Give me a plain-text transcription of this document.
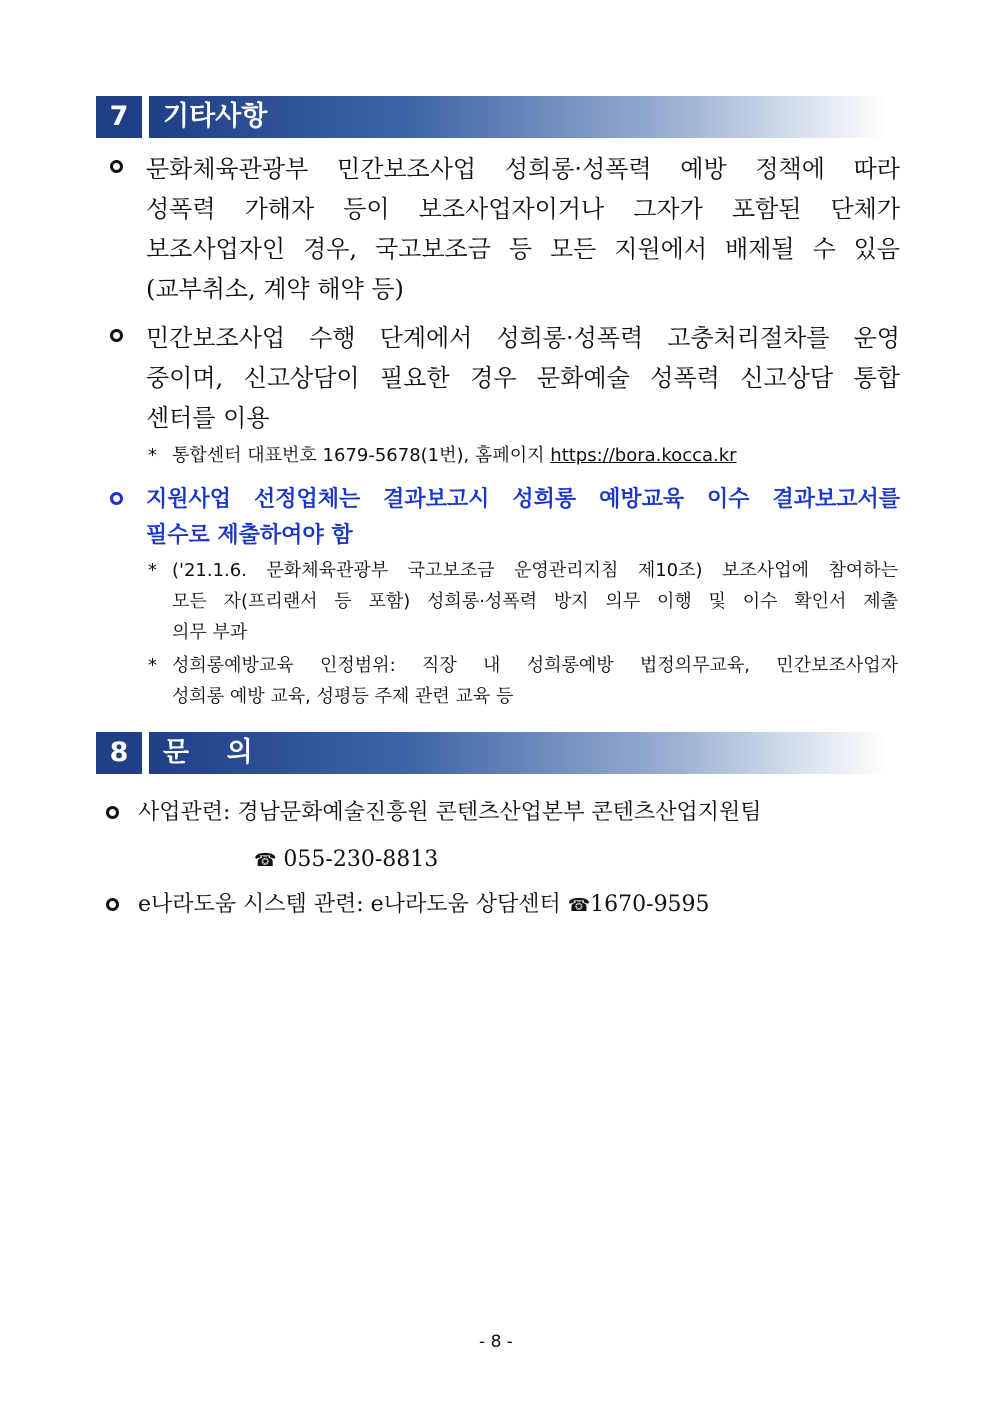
7	기타사항
문화체육관광부 민간보조사업 성희롱·성폭력 예방 정책에 따라
성폭력 가해자 등이 보조사업자이거나 그자가 포함된 단체가
보조사업자인 경우, 국고보조금 등 모든 지원에서 배제될 수 있음
(교부취소, 계약 해약 등)
민간보조사업 수행 단계에서 성희롱·성폭력 고충처리절차를 운영
중이며, 신고상담이 필요한 경우 문화예술 성폭력 신고상담 통합
센터를 이용
* 통합센터 대표번호 1679-5678(1번), 홈페이지 https://bora.kocca.kr
지원사업 선정업체는 결과보고시 성희롱 예방교육 이수 결과보고서를
필수로 제출하여야 함
* ('21.1.6. 문화체육관광부 국고보조금 운영관리지침 제10조) 보조사업에 참여하는
모든 자(프리랜서 등 포함) 성희롱·성폭력 방지 의무 이행 및 이수 확인서 제출
의무 부과
* 성희롱예방교육 인정범위: 직장 내 성희롱예방 법정의무교육, 민간보조사업자
성희롱 예방 교육, 성평등 주제 관련 교육 등
8	문    의
사업관련: 경남문화예술진흥원 콘텐츠산업본부 콘텐츠산업지원팀
☎ 055-230-8813
e나라도움 시스템 관련: e나라도움 상담센터 ☎1670-9595
- 8 -
